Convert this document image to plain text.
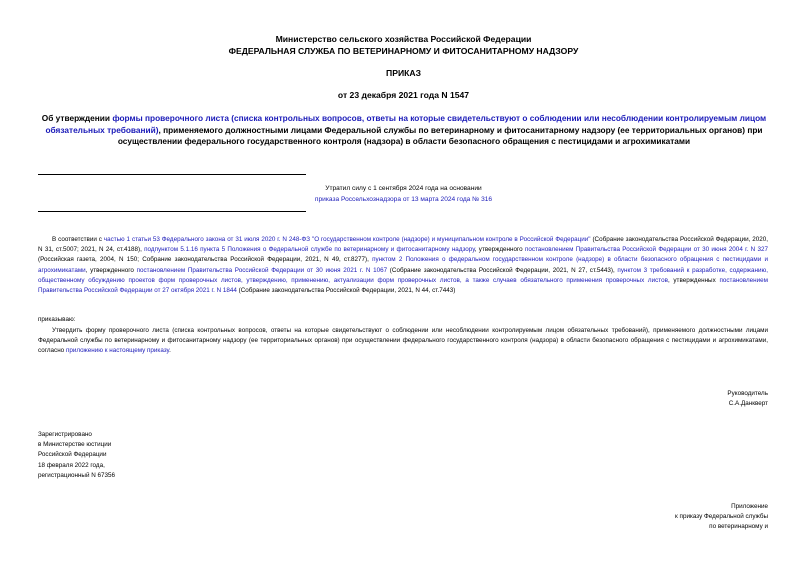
Министерство сельского хозяйства Российской Федерации
ФЕДЕРАЛЬНАЯ СЛУЖБА ПО ВЕТЕРИНАРНОМУ И ФИТОСАНИТАРНОМУ НАДЗОРУ
ПРИКАЗ
от 23 декабря 2021 года N 1547
Об утверждении формы проверочного листа (списка контрольных вопросов, ответы на которые свидетельствуют о соблюдении или несоблюдении контролируемым лицом обязательных требований), применяемого должностными лицами Федеральной службы по ветеринарному и фитосанитарному надзору (ее территориальных органов) при осуществлении федерального государственного контроля (надзора) в области безопасного обращения с пестицидами и агрохимикатами
Утратил силу с 1 сентября 2024 года на основании
приказа Россельхознадзора от 13 марта 2024 года № 316
В соответствии с частью 1 статьи 53 Федерального закона от 31 июля 2020 г. N 248-ФЗ "О государственном контроле (надзоре) и муниципальном контроле в Российской Федерации" (Собрание законодательства Российской Федерации, 2020, N 31, ст.5007; 2021, N 24, ст.4188), подпунктом 5.1.16 пункта 5 Положения о Федеральной службе по ветеринарному и фитосанитарному надзору, утвержденного постановлением Правительства Российской Федерации от 30 июня 2004 г. N 327 (Российская газета, 2004, N 150; Собрание законодательства Российской Федерации, 2021, N 49, ст.8277), пунктом 2 Положения о федеральном государственном контроле (надзоре) в области безопасного обращения с пестицидами и агрохимикатами, утвержденного постановлением Правительства Российской Федерации от 30 июня 2021 г. N 1067 (Собрание законодательства Российской Федерации, 2021, N 27, ст.5443), пунктом 3 требований к разработке, содержанию, общественному обсуждению проектов форм проверочных листов, утверждению, применению, актуализации форм проверочных листов, а также случаев обязательного применения проверочных листов, утвержденных постановлением Правительства Российской Федерации от 27 октября 2021 г. N 1844 (Собрание законодательства Российской Федерации, 2021, N 44, ст.7443)
приказываю:
Утвердить форму проверочного листа (списка контрольных вопросов, ответы на которые свидетельствуют о соблюдении или несоблюдении контролируемым лицом обязательных требований), применяемого должностными лицами Федеральной службы по ветеринарному и фитосанитарному надзору (ее территориальных органов) при осуществлении федерального государственного контроля (надзора) в области безопасного обращения с пестицидами и агрохимикатами, согласно приложению к настоящему приказу.
Руководитель
С.А.Данкверт
Зарегистрировано
в Министерстве юстиции
Российской Федерации
18 февраля 2022 года,
регистрационный N 67356
Приложение
к приказу Федеральной службы
по ветеринарному и
